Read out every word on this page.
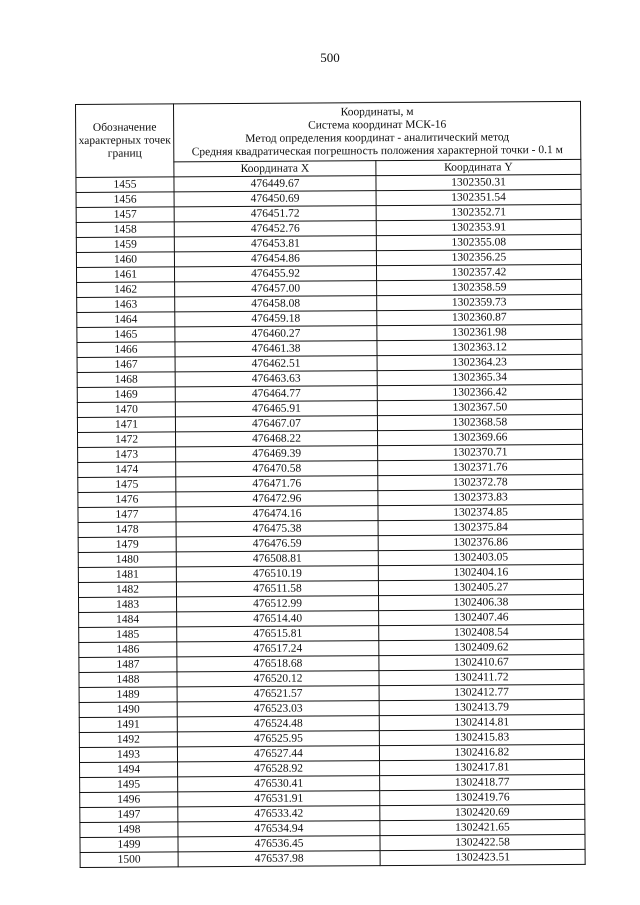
500
Обозначение характерных точек границ	Координаты, м
Система координат МСК-16
Метод определения координат - аналитический метод
Средняя квадратическая погрешность положения характерной точки - 0.1 м	

	Координата X	Координата Y
1455	476449.67	1302350.31
1456	476450.69	1302351.54
1457	476451.72	1302352.71
1458	476452.76	1302353.91
1459	476453.81	1302355.08
1460	476454.86	1302356.25
1461	476455.92	1302357.42
1462	476457.00	1302358.59
1463	476458.08	1302359.73
1464	476459.18	1302360.87
1465	476460.27	1302361.98
1466	476461.38	1302363.12
1467	476462.51	1302364.23
1468	476463.63	1302365.34
1469	476464.77	1302366.42
1470	476465.91	1302367.50
1471	476467.07	1302368.58
1472	476468.22	1302369.66
1473	476469.39	1302370.71
1474	476470.58	1302371.76
1475	476471.76	1302372.78
1476	476472.96	1302373.83
1477	476474.16	1302374.85
1478	476475.38	1302375.84
1479	476476.59	1302376.86
1480	476508.81	1302403.05
1481	476510.19	1302404.16
1482	476511.58	1302405.27
1483	476512.99	1302406.38
1484	476514.40	1302407.46
1485	476515.81	1302408.54
1486	476517.24	1302409.62
1487	476518.68	1302410.67
1488	476520.12	1302411.72
1489	476521.57	1302412.77
1490	476523.03	1302413.79
1491	476524.48	1302414.81
1492	476525.95	1302415.83
1493	476527.44	1302416.82
1494	476528.92	1302417.81
1495	476530.41	1302418.77
1496	476531.91	1302419.76
1497	476533.42	1302420.69
1498	476534.94	1302421.65
1499	476536.45	1302422.58
1500	476537.98	1302423.51
